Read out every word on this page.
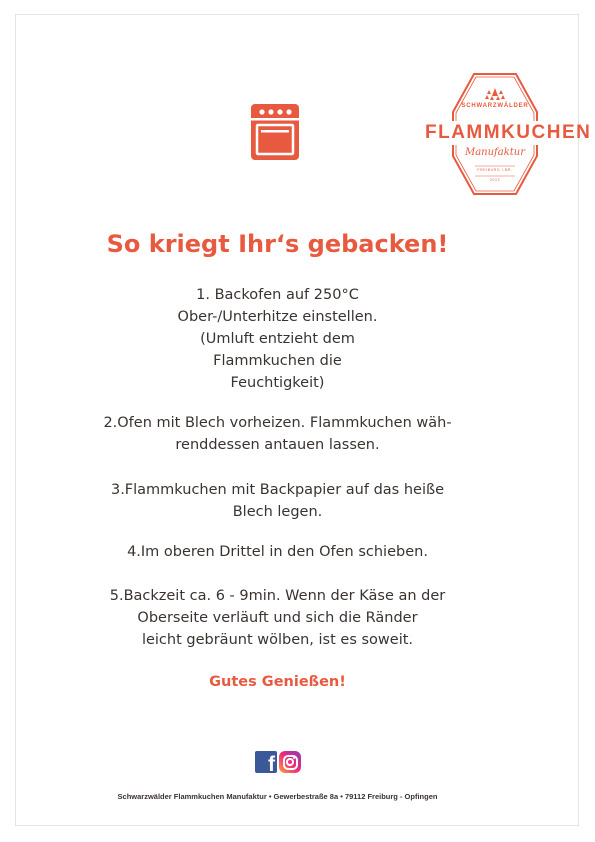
SCHWARZWÄLDER
FLAMMKUCHEN
Manufaktur
FREIBURG I.BR.
2013
So kriegt Ihr‘s gebacken!
1. Backofen auf 250°C
Ober-/Unterhitze einstellen.
(Umluft entzieht dem
Flammkuchen die
Feuchtigkeit)
2.Ofen mit Blech vorheizen. Flammkuchen wäh-
renddessen antauen lassen.
3.Flammkuchen mit Backpapier auf das heiße
Blech legen.
4.Im oberen Drittel in den Ofen schieben.
5.Backzeit ca. 6 - 9min. Wenn der Käse an der
Oberseite verläuft und sich die Ränder
leicht gebräunt wölben, ist es soweit.
Gutes Genießen!
f
Schwarzwälder Flammkuchen Manufaktur • Gewerbestraße 8a • 79112 Freiburg - Opfingen
